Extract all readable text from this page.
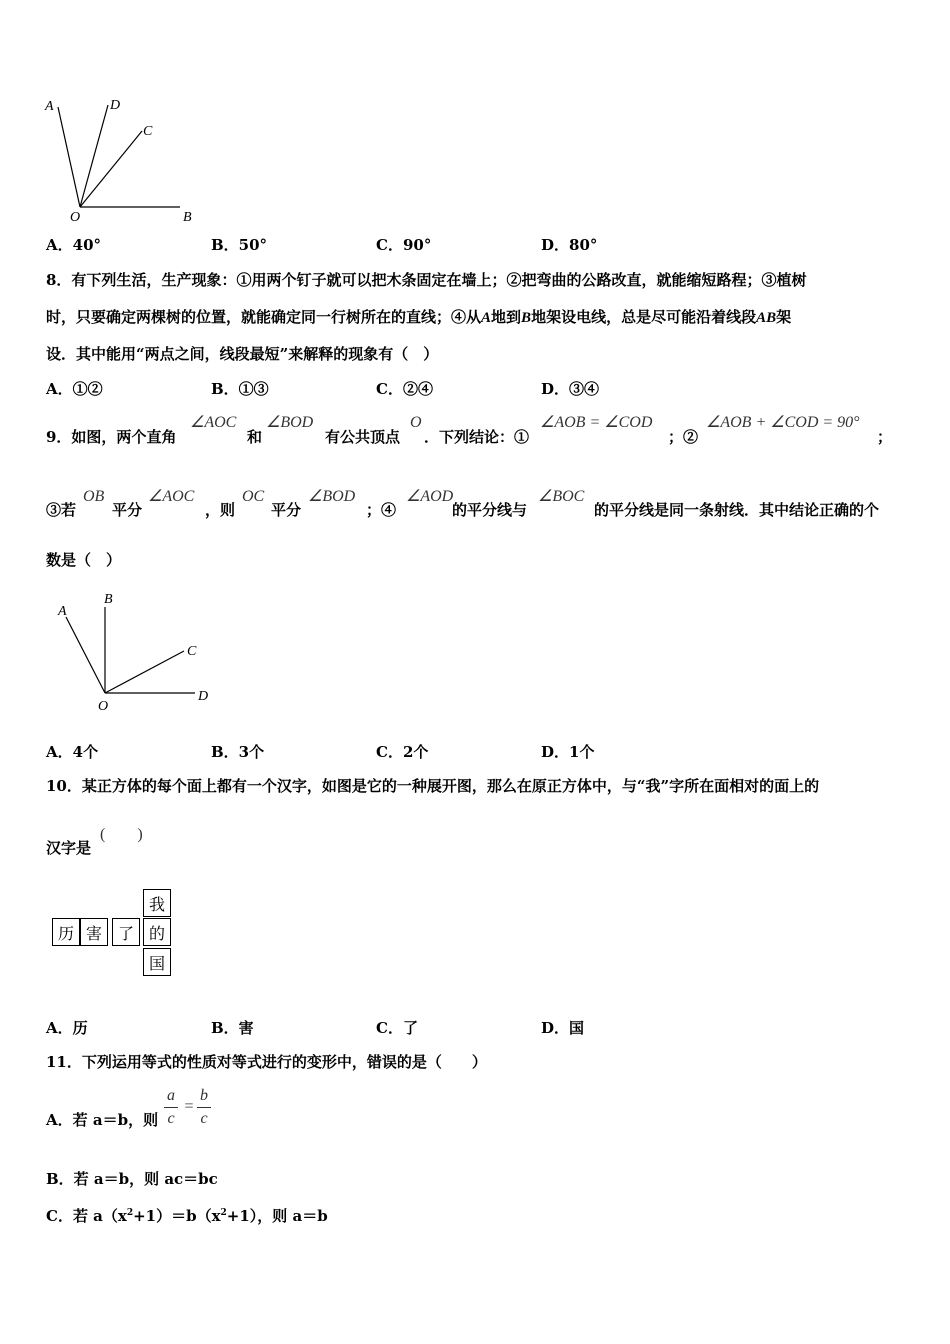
A	D
C
O	B
A．40°	B．50°	C．90°	D．80°
8．有下列生活，生产现象：①用两个钉子就可以把木条固定在墙上；②把弯曲的公路改直，就能缩短路程；③植树
时，只要确定两棵树的位置，就能确定同一行树所在的直线；④从A地到B地架设电线，总是尽可能沿着线段AB架
设．其中能用“两点之间，线段最短”来解释的现象有（　）
A．①②	B．①③	C．②④	D．③④
9．如图，两个直角
∠AOC
和
∠BOD
有公共顶点
O
．下列结论：①
∠AOB = ∠COD
；②
∠AOB + ∠COD = 90°
；
③若
OB
平分
∠AOC
，则
OC
平分
∠BOD
；④
∠AOD
的平分线与
∠BOC
的平分线是同一条射线．其中结论正确的个
数是（　）
A
B
C
O
D
A．4个	B．3个	C．2个	D．1个
10．某正方体的每个面上都有一个汉字，如图是它的一种展开图，那么在原正方体中，与“我”字所在面相对的面上的
汉字是
(　　)
历 害 了
我
的
国
A．历	B．害	C．了	D．国
11．下列运用等式的性质对等式进行的变形中，错误的是（　　）
A．若 a＝b，则
a
c
=
b
c
B．若 a＝b，则 ac＝bc
C．若 $a(x^2+1)=b(x^2+1)$，则 a＝b
